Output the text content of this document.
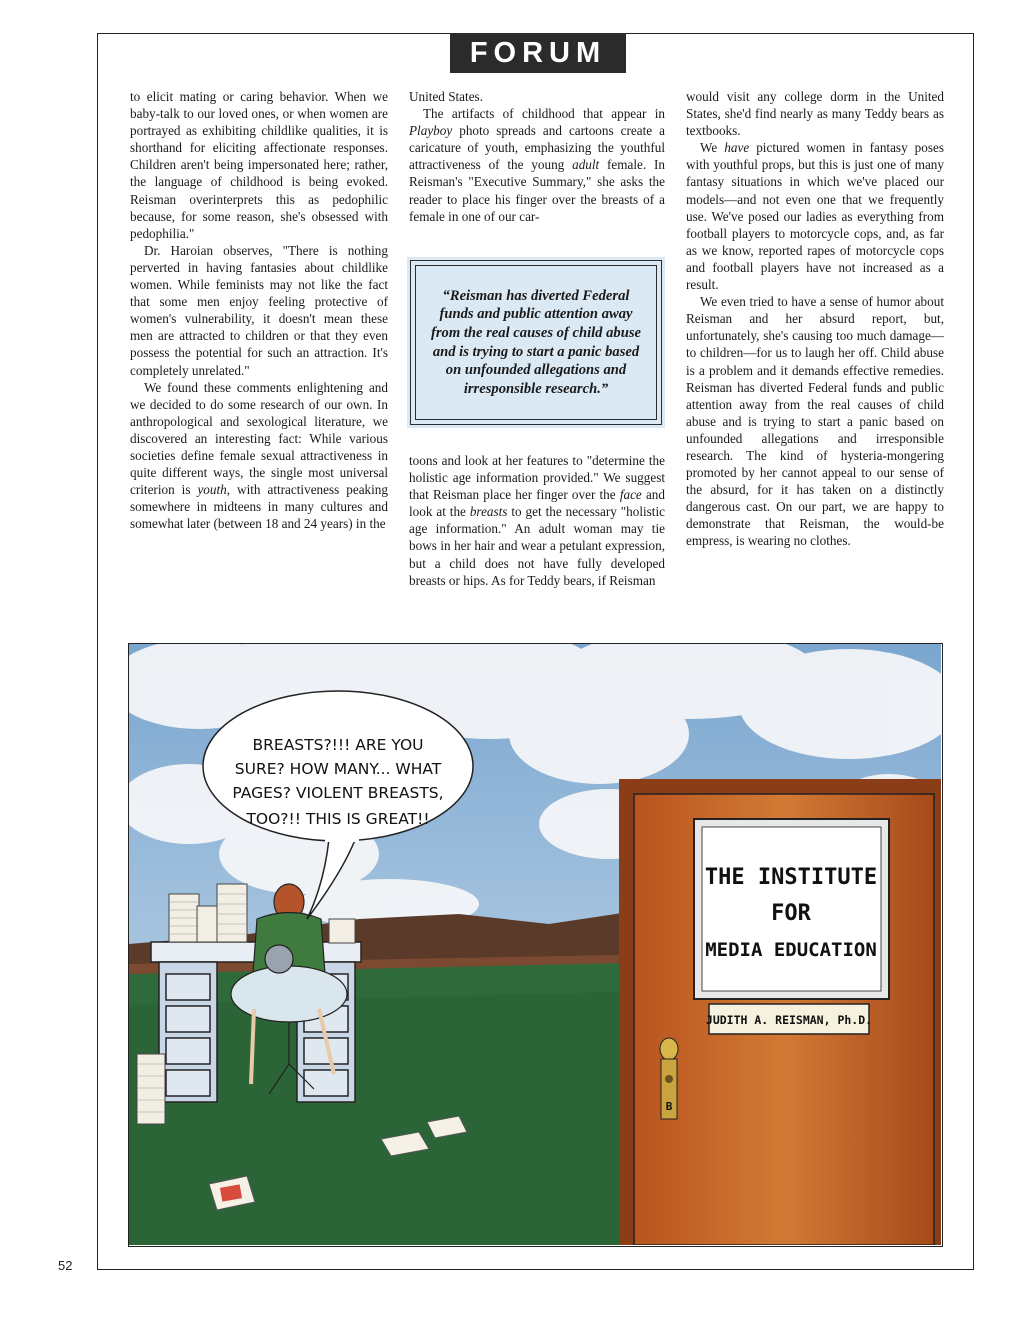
FORUM

to elicit mating or caring behavior. When we baby-talk to our loved ones, or when women are portrayed as exhibiting childlike qualities, it is shorthand for eliciting affectionate responses. Children aren't being impersonated here; rather, the language of childhood is being evoked. Reisman overinterprets this as pedophilic because, for some reason, she's obsessed with pedophilia."

Dr. Haroian observes, "There is nothing perverted in having fantasies about childlike women. While feminists may not like the fact that some men enjoy feeling protective of women's vulnerability, it doesn't mean these men are attracted to children or that they even possess the potential for such an attraction. It's completely unrelated."

We found these comments enlightening and we decided to do some research of our own. In anthropological and sexological literature, we discovered an interesting fact: While various societies define female sexual attractiveness in quite different ways, the single most universal criterion is youth, with attractiveness peaking somewhere in midteens in many cultures and somewhat later (between 18 and 24 years) in the

United States.

The artifacts of childhood that appear in Playboy photo spreads and cartoons create a caricature of youth, emphasizing the youthful attractiveness of the young adult female. In Reisman's "Executive Summary," she asks the reader to place his finger over the breasts of a female in one of our car-

“Reisman has diverted Federal funds and public attention away from the real causes of child abuse and is trying to start a panic based on unfounded allegations and irresponsible research.”

toons and look at her features to "determine the holistic age information provided." We suggest that Reisman place her finger over the face and look at the breasts to get the necessary "holistic age information." An adult woman may tie bows in her hair and wear a petulant expression, but a child does not have fully developed breasts or hips. As for Teddy bears, if Reisman

would visit any college dorm in the United States, she'd find nearly as many Teddy bears as textbooks.

We have pictured women in fantasy poses with youthful props, but this is just one of many fantasy situations in which we've placed our models—and not even one that we frequently use. We've posed our ladies as everything from football players to motorcycle cops, and, as far as we know, reported rapes of motorcycle cops and football players have not increased as a result.

We even tried to have a sense of humor about Reisman and her absurd report, but, unfortunately, she's causing too much damage—to children—for us to laugh her off. Child abuse is a problem and it demands effective remedies. Reisman has diverted Federal funds and public attention away from the real causes of child abuse and is trying to start a panic based on unfounded allegations and irresponsible research. The kind of hysteria-mongering promoted by her cannot appeal to our sense of the absurd, for it has taken on a distinctly dangerous cast. On our part, we are happy to demonstrate that Reisman, the would-be empress, is wearing no clothes.

BREASTS?!!! ARE YOU
SURE? HOW MANY... WHAT
PAGES? VIOLENT BREASTS,
TOO?!! THIS IS GREAT!!
THE INSTITUTE
FOR
MEDIA EDUCATION
JUDITH A. REISMAN, Ph.D.
B
52
